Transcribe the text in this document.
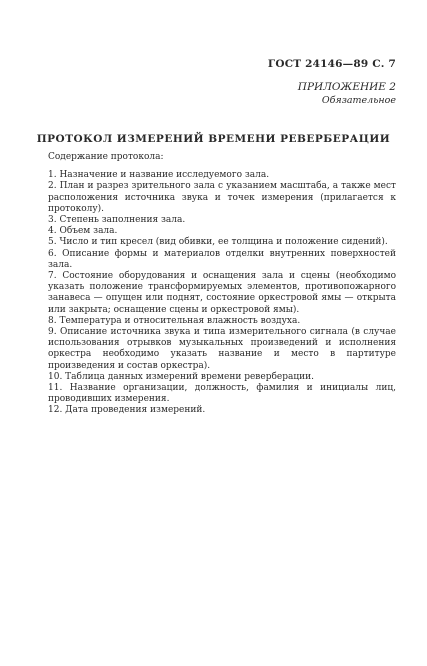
ГОСТ 24146—89 С. 7
ПРИЛОЖЕНИЕ 2
Обязательное
ПРОТОКОЛ ИЗМЕРЕНИЙ ВРЕМЕНИ РЕВЕРБЕРАЦИИ

Содержание протокола:

1. Назначение и название исследуемого зала.
2. План и разрез зрительного зала с указанием масштаба, а также мест расположения источника звука и точек измерения (прилагается к протоколу).
3. Степень заполнения зала.
4. Объем зала.
5. Число и тип кресел (вид обивки, ее толщина и положение сидений).
6. Описание формы и материалов отделки внутренних поверхностей зала.
7. Состояние оборудования и оснащения зала и сцены (необходимо указать положение трансформируемых элементов, противопожарного занавеса — опущен или поднят, состояние оркестровой ямы — открыта или закрыта; оснащение сцены и оркестровой ямы).
8. Температура и относительная влажность воздуха.
9. Описание источника звука и типа измерительного сигнала (в случае использования отрывков музыкальных произведений и исполнения оркестра необходимо указать название и место в партитуре произведения и состав оркестра).
10. Таблица данных измерений времени реверберации.
11. Название организации, должность, фамилия и инициалы лиц, проводивших измерения.
12. Дата проведения измерений.
